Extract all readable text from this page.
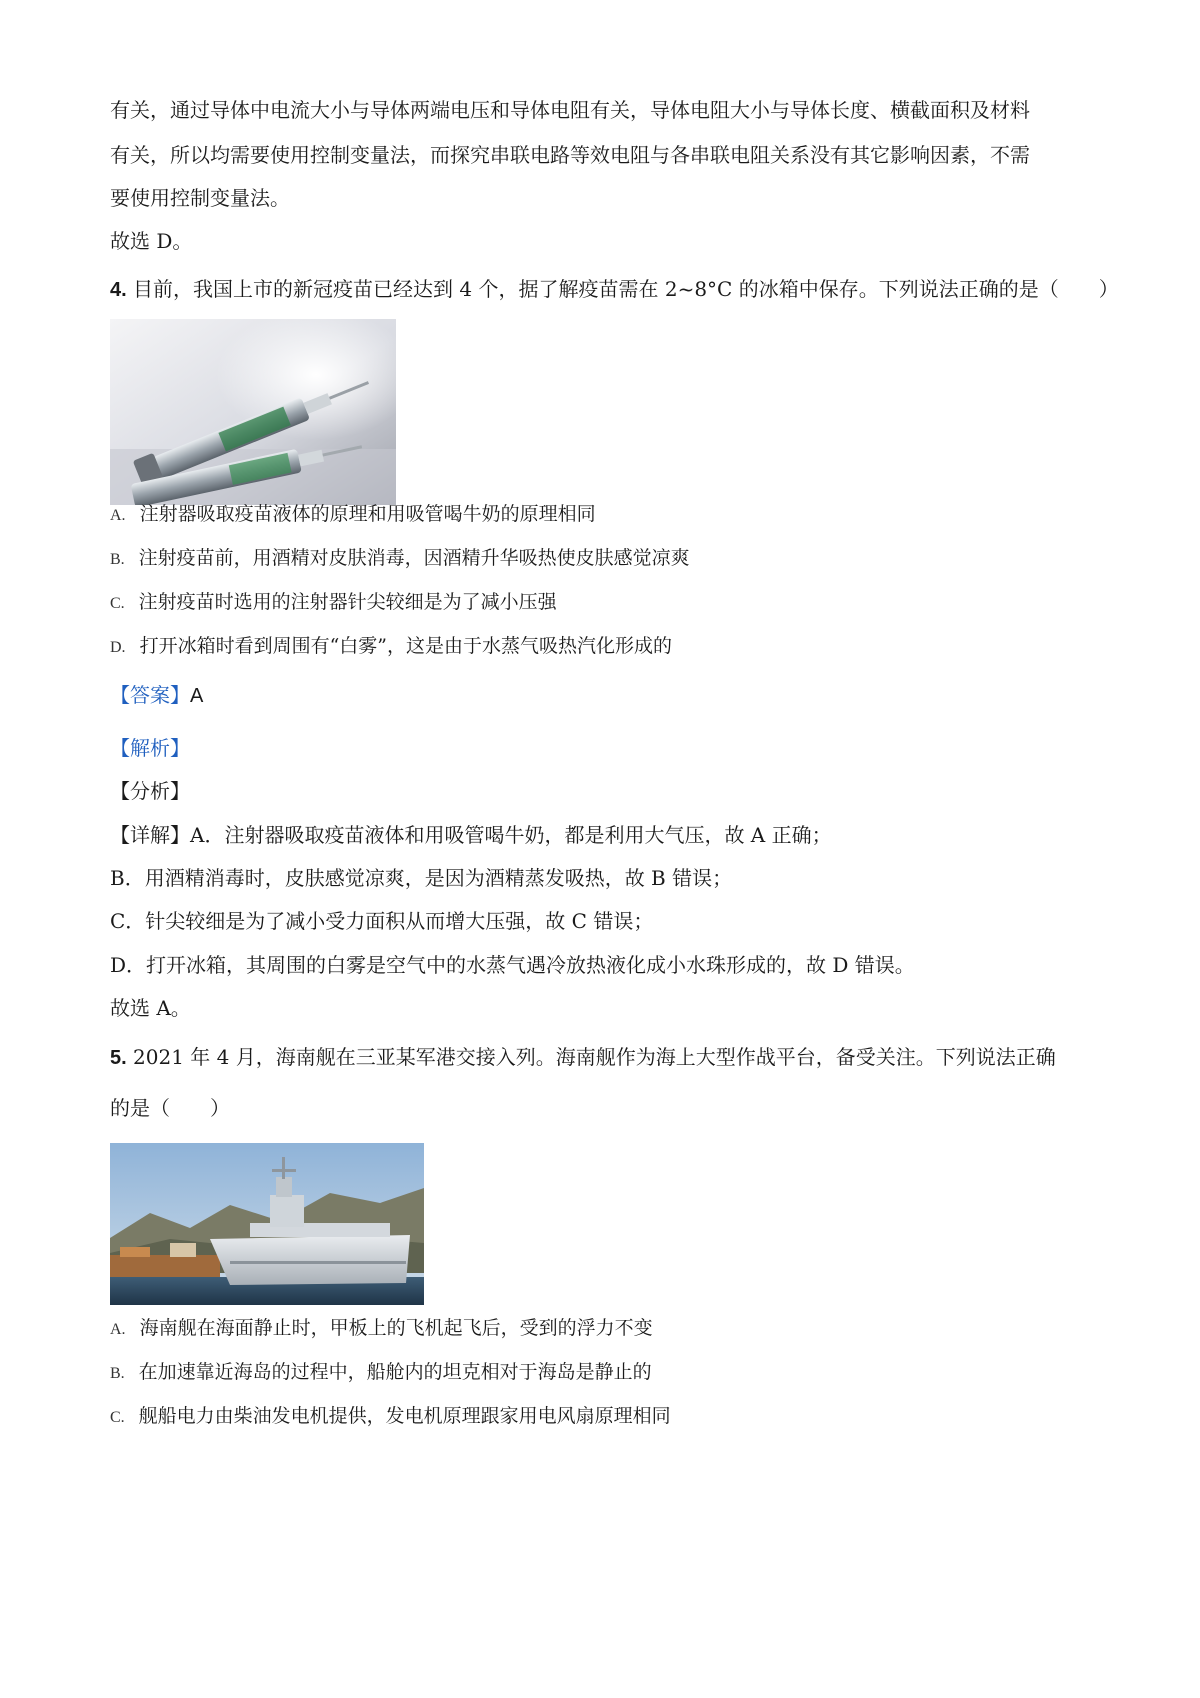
有关，通过导体中电流大小与导体两端电压和导体电阻有关，导体电阻大小与导体长度、横截面积及材料
有关，所以均需要使用控制变量法，而探究串联电路等效电阻与各串联电阻关系没有其它影响因素，不需
要使用控制变量法。
故选 D。
4. 目前，我国上市的新冠疫苗已经达到 4 个，据了解疫苗需在 2~8°C 的冰箱中保存。下列说法正确的是（　　）
A. 注射器吸取疫苗液体的原理和用吸管喝牛奶的原理相同
B. 注射疫苗前，用酒精对皮肤消毒，因酒精升华吸热使皮肤感觉凉爽
C. 注射疫苗时选用的注射器针尖较细是为了减小压强
D. 打开冰箱时看到周围有“白雾”，这是由于水蒸气吸热汽化形成的
【答案】A
【解析】
【分析】
【详解】A．注射器吸取疫苗液体和用吸管喝牛奶，都是利用大气压，故 A 正确；
B．用酒精消毒时，皮肤感觉凉爽，是因为酒精蒸发吸热，故 B 错误；
C．针尖较细是为了减小受力面积从而增大压强，故 C 错误；
D．打开冰箱，其周围的白雾是空气中的水蒸气遇冷放热液化成小水珠形成的，故 D 错误。
故选 A。
5. 2021 年 4 月，海南舰在三亚某军港交接入列。海南舰作为海上大型作战平台，备受关注。下列说法正确
的是（　　）
A. 海南舰在海面静止时，甲板上的飞机起飞后，受到的浮力不变
B. 在加速靠近海岛的过程中，船舱内的坦克相对于海岛是静止的
C. 舰船电力由柴油发电机提供，发电机原理跟家用电风扇原理相同
